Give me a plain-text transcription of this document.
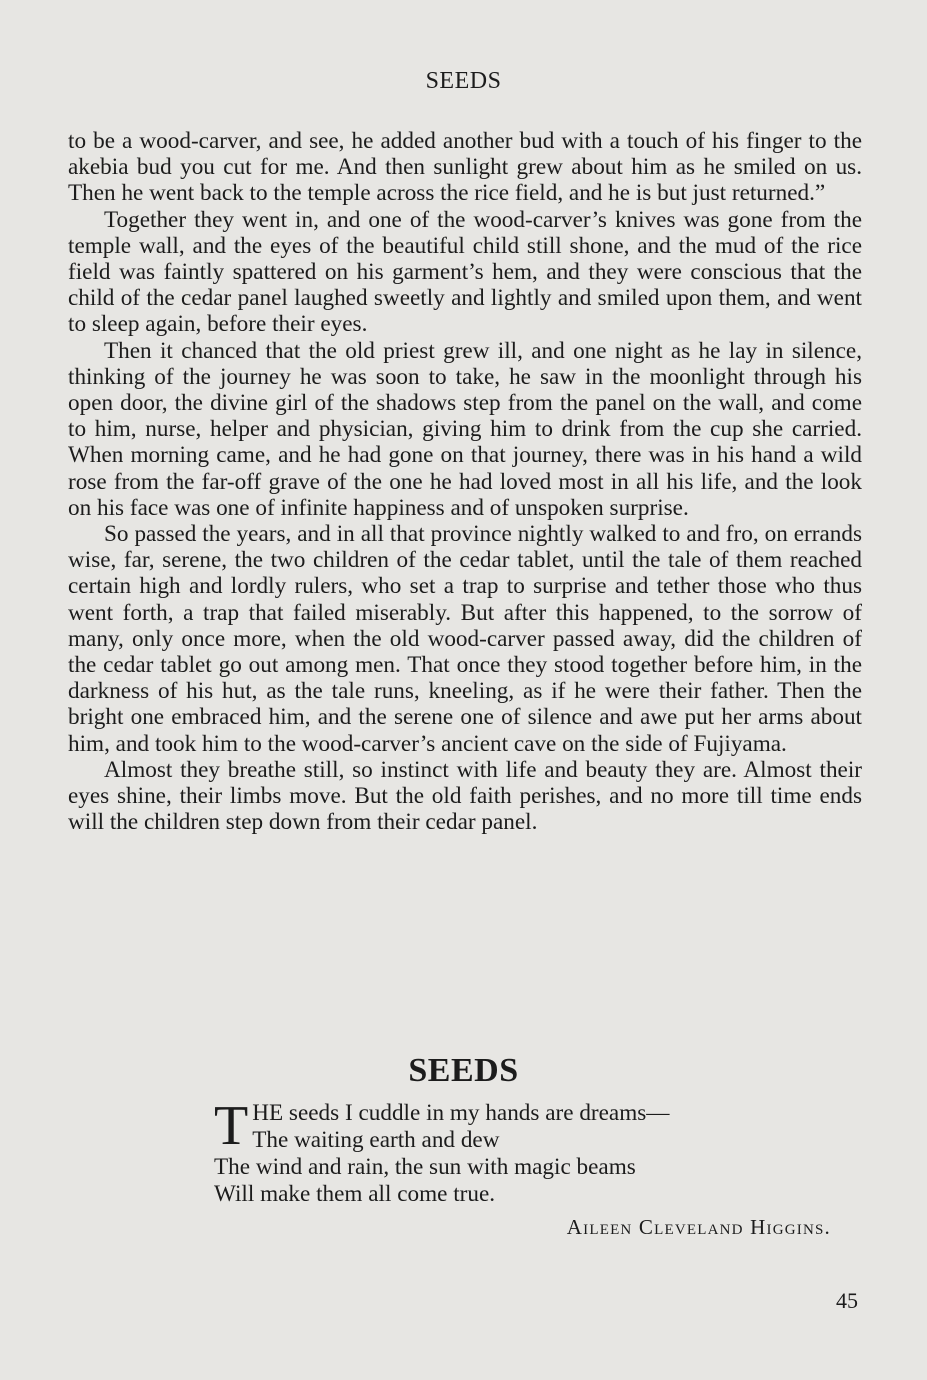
SEEDS

to be a wood-carver, and see, he added another bud with a touch of his finger to the akebia bud you cut for me. And then sunlight grew about him as he smiled on us. Then he went back to the temple across the rice field, and he is but just returned.”

Together they went in, and one of the wood-carver’s knives was gone from the temple wall, and the eyes of the beautiful child still shone, and the mud of the rice field was faintly spattered on his garment’s hem, and they were conscious that the child of the cedar panel laughed sweetly and lightly and smiled upon them, and went to sleep again, before their eyes.

Then it chanced that the old priest grew ill, and one night as he lay in silence, thinking of the journey he was soon to take, he saw in the moonlight through his open door, the divine girl of the shadows step from the panel on the wall, and come to him, nurse, helper and physician, giving him to drink from the cup she carried. When morning came, and he had gone on that journey, there was in his hand a wild rose from the far-off grave of the one he had loved most in all his life, and the look on his face was one of infinite happiness and of unspoken surprise.

So passed the years, and in all that province nightly walked to and fro, on errands wise, far, serene, the two children of the cedar tablet, until the tale of them reached certain high and lordly rulers, who set a trap to surprise and tether those who thus went forth, a trap that failed miserably. But after this happened, to the sorrow of many, only once more, when the old wood-carver passed away, did the children of the cedar tablet go out among men. That once they stood together before him, in the darkness of his hut, as the tale runs, kneeling, as if he were their father. Then the bright one embraced him, and the serene one of silence and awe put her arms about him, and took him to the wood-carver’s ancient cave on the side of Fujiyama.

Almost they breathe still, so instinct with life and beauty they are. Almost their eyes shine, their limbs move. But the old faith perishes, and no more till time ends will the children step down from their cedar panel.

SEEDS
T HE seeds I cuddle in my hands are dreams—
The waiting earth and dew
The wind and rain, the sun with magic beams
Will make them all come true.
Aileen Cleveland Higgins.
45
